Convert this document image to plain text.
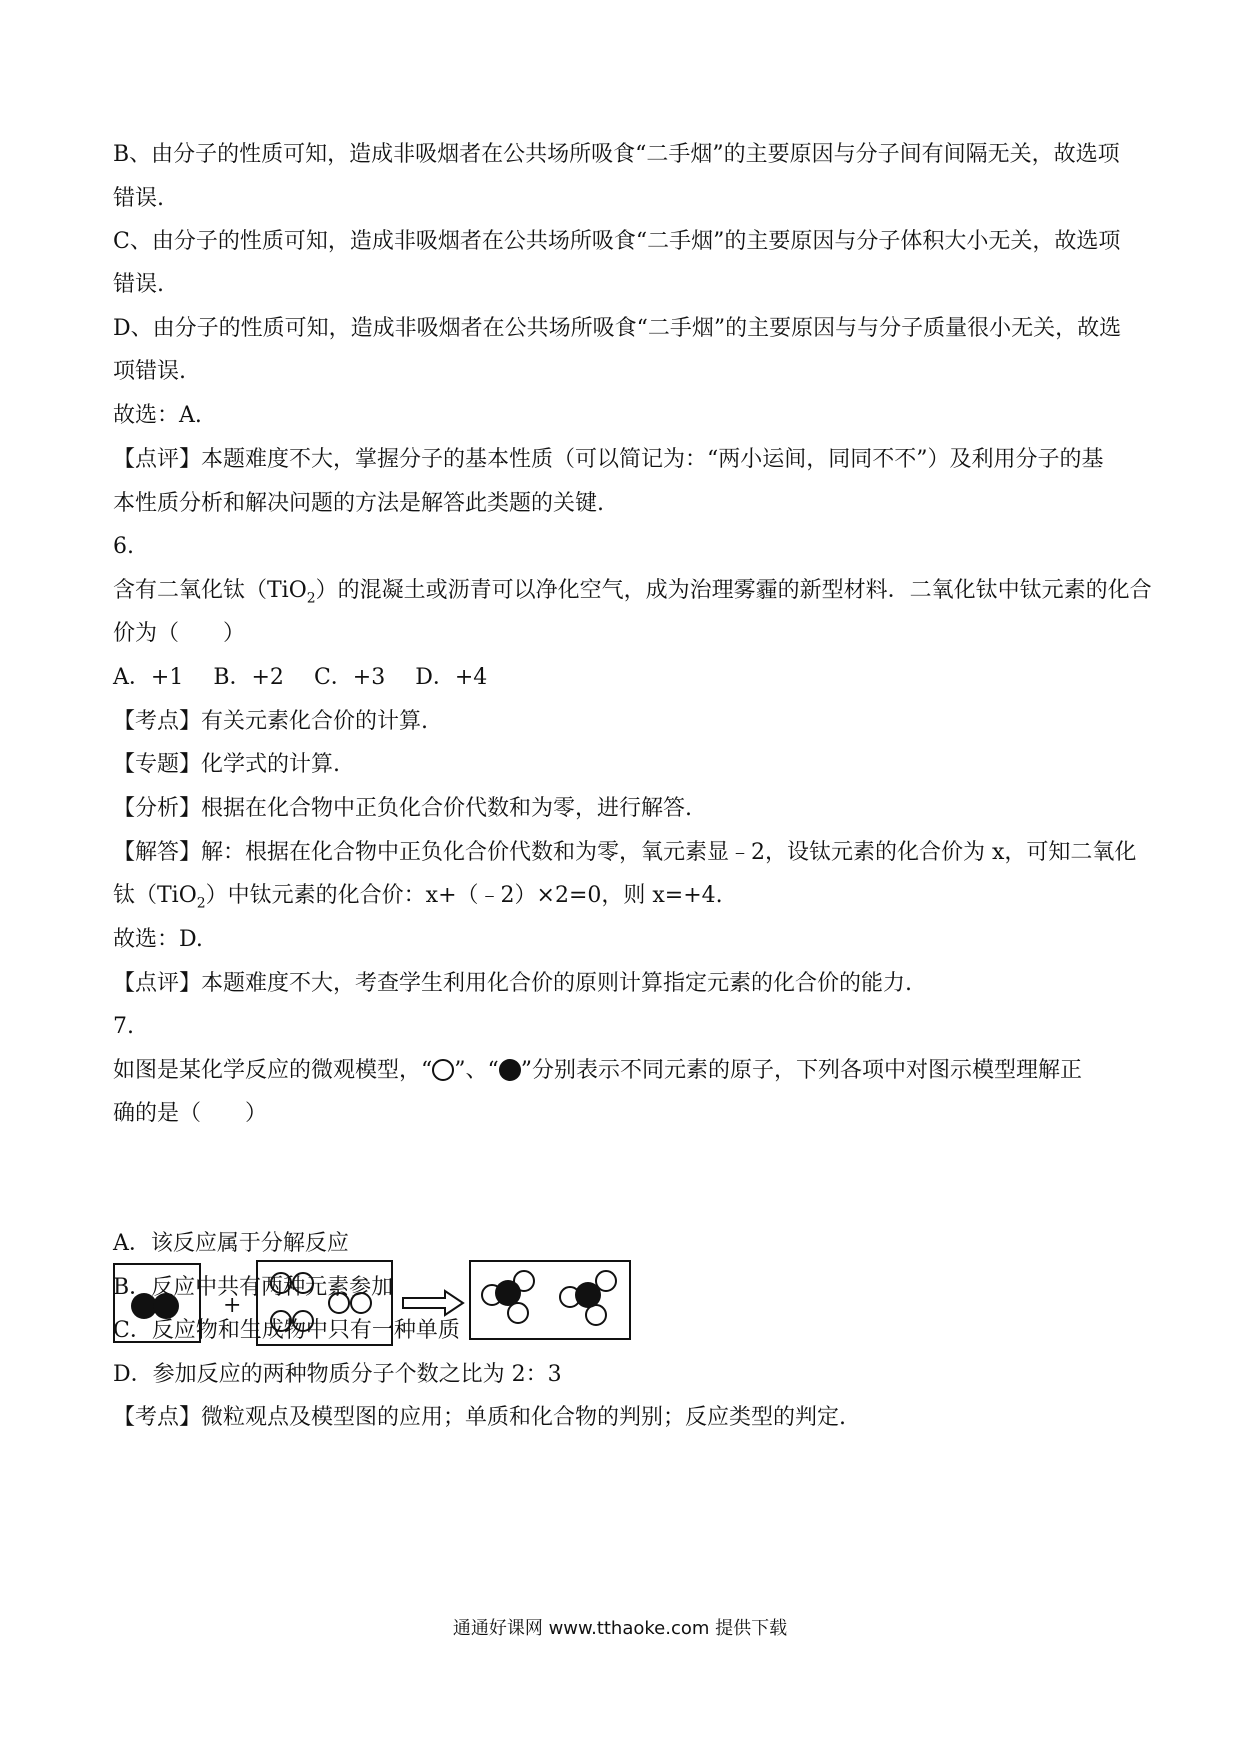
B、由分子的性质可知，造成非吸烟者在公共场所吸食“二手烟”的主要原因与分子间有间隔无关，故选项
错误.
C、由分子的性质可知，造成非吸烟者在公共场所吸食“二手烟”的主要原因与分子体积大小无关，故选项
错误.
D、由分子的性质可知，造成非吸烟者在公共场所吸食“二手烟”的主要原因与与分子质量很小无关，故选
项错误.
故选：A.
【点评】本题难度不大，掌握分子的基本性质（可以简记为：“两小运间，同同不不”）及利用分子的基
本性质分析和解决问题的方法是解答此类题的关键.
6.
含有二氧化钛（TiO$_2$）的混凝土或沥青可以净化空气，成为治理雾霾的新型材料．二氧化钛中钛元素的化合
价为（　　）
A．+1 B．+2 C．+3 D．+4
【考点】有关元素化合价的计算.
【专题】化学式的计算.
【分析】根据在化合物中正负化合价代数和为零，进行解答.
【解答】解：根据在化合物中正负化合价代数和为零，氧元素显﹣2，设钛元素的化合价为 x，可知二氧化
钛（TiO$_2$）中钛元素的化合价：x+（﹣2）×2=0，则 x=+4.
故选：D.
【点评】本题难度不大，考查学生利用化合价的原则计算指定元素的化合价的能力.
7.
如图是某化学反应的微观模型，“ ”、“ ”分别表示不同元素的原子，下列各项中对图示模型理解正
确的是（　　）
+
A．该反应属于分解反应
B．反应中共有两种元素参加
C．反应物和生成物中只有一种单质
D．参加反应的两种物质分子个数之比为 2：3
【考点】微粒观点及模型图的应用；单质和化合物的判别；反应类型的判定.
通通好课网 www.tthaoke.com 提供下载
